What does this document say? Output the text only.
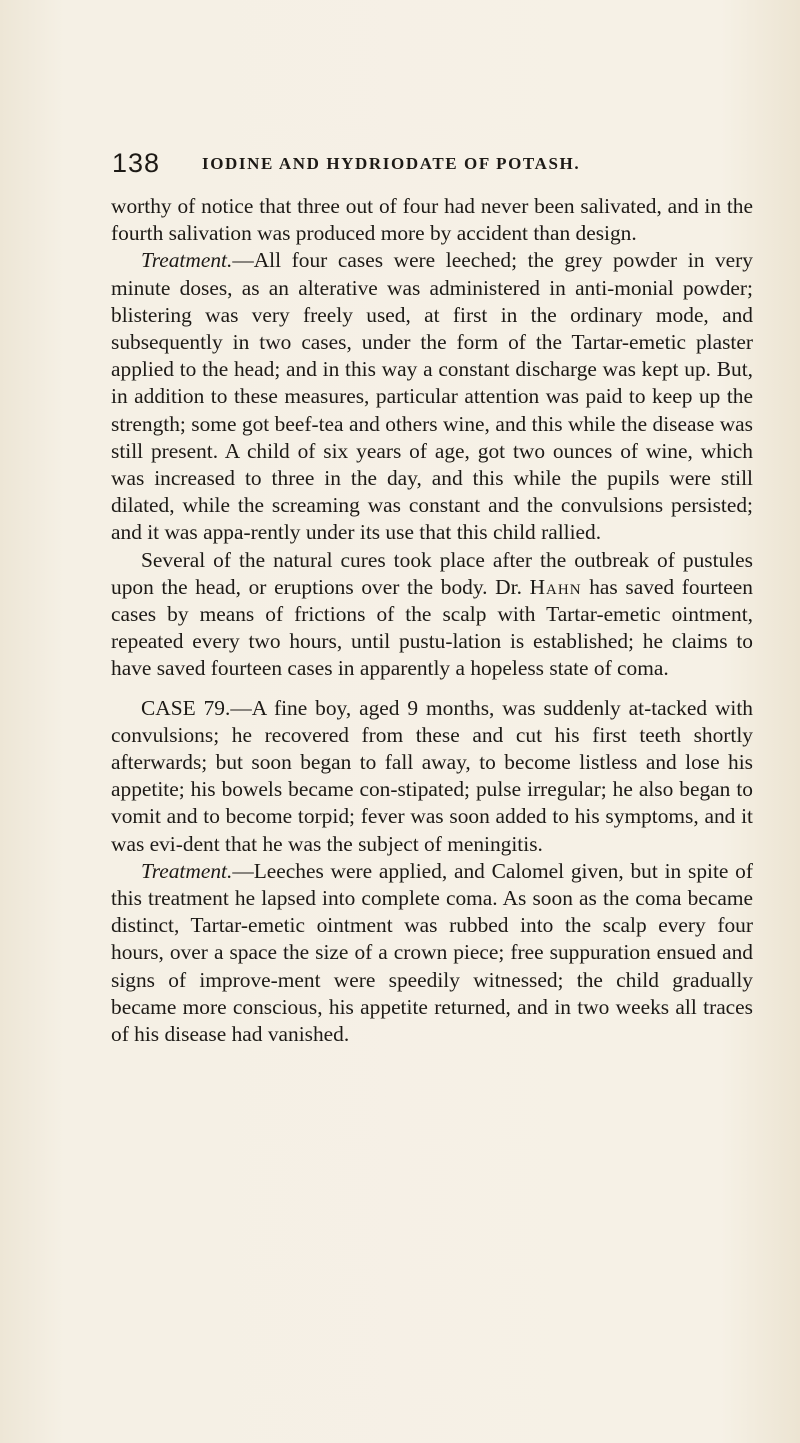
138 IODINE AND HYDRIODATE OF POTASH.

worthy of notice that three out of four had never been salivated, and in the fourth salivation was produced more by accident than design.

Treatment.—All four cases were leeched; the grey powder in very minute doses, as an alterative was administered in anti-monial powder; blistering was very freely used, at first in the ordinary mode, and subsequently in two cases, under the form of the Tartar-emetic plaster applied to the head; and in this way a constant discharge was kept up. But, in addition to these measures, particular attention was paid to keep up the strength; some got beef-tea and others wine, and this while the disease was still present. A child of six years of age, got two ounces of wine, which was increased to three in the day, and this while the pupils were still dilated, while the screaming was constant and the convulsions persisted; and it was appa-rently under its use that this child rallied.

Several of the natural cures took place after the outbreak of pustules upon the head, or eruptions over the body. Dr. Hahn has saved fourteen cases by means of frictions of the scalp with Tartar-emetic ointment, repeated every two hours, until pustu-lation is established; he claims to have saved fourteen cases in apparently a hopeless state of coma.

CASE 79.—A fine boy, aged 9 months, was suddenly at-tacked with convulsions; he recovered from these and cut his first teeth shortly afterwards; but soon began to fall away, to become listless and lose his appetite; his bowels became con-stipated; pulse irregular; he also began to vomit and to become torpid; fever was soon added to his symptoms, and it was evi-dent that he was the subject of meningitis.

Treatment.—Leeches were applied, and Calomel given, but in spite of this treatment he lapsed into complete coma. As soon as the coma became distinct, Tartar-emetic ointment was rubbed into the scalp every four hours, over a space the size of a crown piece; free suppuration ensued and signs of improve-ment were speedily witnessed; the child gradually became more conscious, his appetite returned, and in two weeks all traces of his disease had vanished.
